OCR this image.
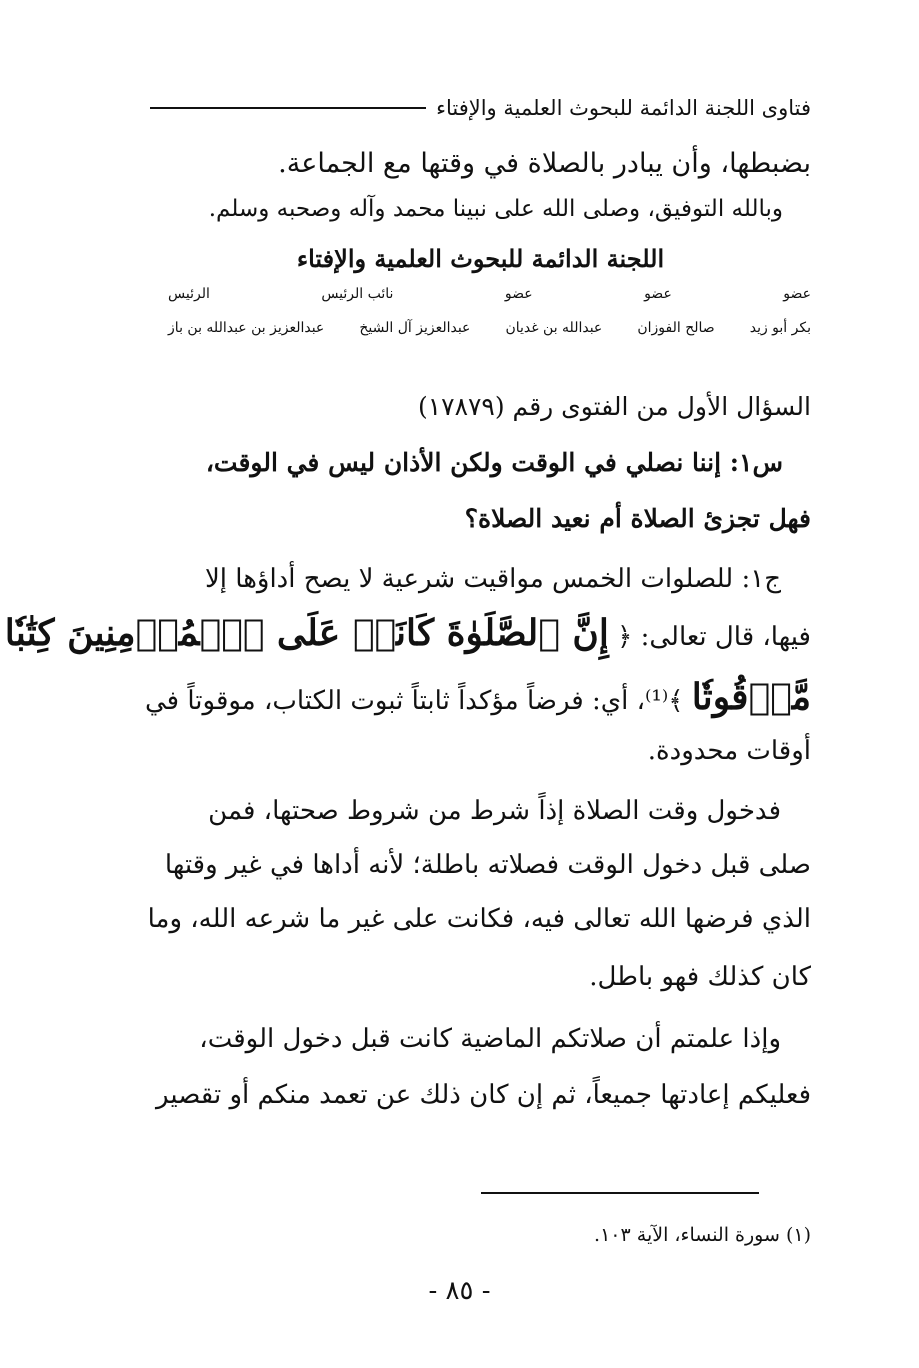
فتاوى اللجنة الدائمة للبحوث العلمية والإفتاء
بضبطها، وأن يبادر بالصلاة في وقتها مع الجماعة.
وبالله التوفيق، وصلى الله على نبينا محمد وآله وصحبه وسلم.
اللجنة الدائمة للبحوث العلمية والإفتاء
عضو
عضو
عضو
نائب الرئيس
الرئيس
بكر أبو زيد
صالح الفوزان
عبدالله بن غديان
عبدالعزيز آل الشيخ
عبدالعزيز بن عبدالله بن باز
السؤال الأول من الفتوى رقم (١٧٨٧٩)
س١: إننا نصلي في الوقت ولكن الأذان ليس في الوقت،
فهل تجزئ الصلاة أم نعيد الصلاة؟
ج١: للصلوات الخمس مواقيت شرعية لا يصح أداؤها إلا
فيها، قال تعالى: ﴿ إِنَّ ٱلصَّلَوٰةَ كَانَتۡ عَلَى ٱلۡمُؤۡمِنِينَ كِتَٰبٗا
مَّوۡقُوتٗا ﴾⁽¹⁾، أي: فرضاً مؤكداً ثابتاً ثبوت الكتاب، موقوتاً في
أوقات محدودة.
فدخول وقت الصلاة إذاً شرط من شروط صحتها، فمن
صلى قبل دخول الوقت فصلاته باطلة؛ لأنه أداها في غير وقتها
الذي فرضها الله تعالى فيه، فكانت على غير ما شرعه الله، وما
كان كذلك فهو باطل.
وإذا علمتم أن صلاتكم الماضية كانت قبل دخول الوقت،
فعليكم إعادتها جميعاً، ثم إن كان ذلك عن تعمد منكم أو تقصير
(١) سورة النساء، الآية ١٠٣.
- ٨٥ -
